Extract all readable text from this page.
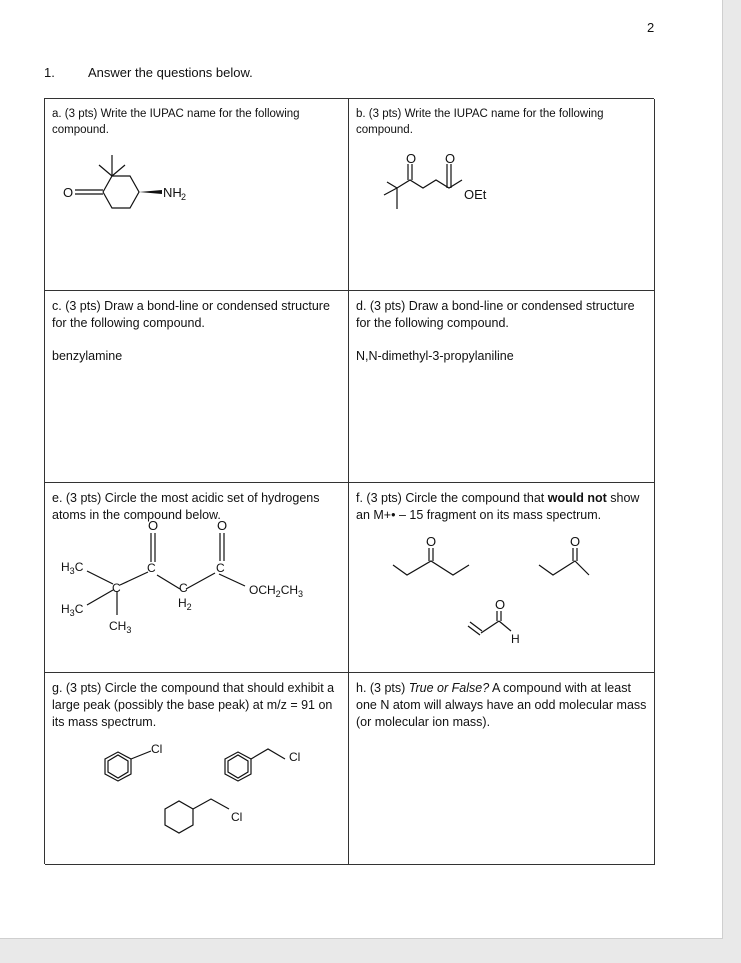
2
1.	Answer the questions below.
a. (3 pts) Write the IUPAC name for the following compound.
O	NH 2
b. (3 pts) Write the IUPAC name for the following compound.
O O
OEt
c. (3 pts) Draw a bond-line or condensed structure for the following compound.
benzylamine
d. (3 pts) Draw a bond-line or condensed structure for the following compound.
N,N-dimethyl-3-propylaniline
e. (3 pts) Circle the most acidic set of hydrogens atoms in the compound below.
O	O
$H_3C$
$H_3C$
C
C	C
C
$H_2$
$CH_3$
$OCH_2CH_3$
f. (3 pts) Circle the compound that would not show an M+• – 15 fragment on its mass spectrum.
O	O
O
H
g. (3 pts) Circle the compound that should exhibit a large peak (possibly the base peak) at m/z = 91 on its mass spectrum.
Cl
Cl
Cl
h. (3 pts) True or False? A compound with at least one N atom will always have an odd molecular mass (or molecular ion mass).
